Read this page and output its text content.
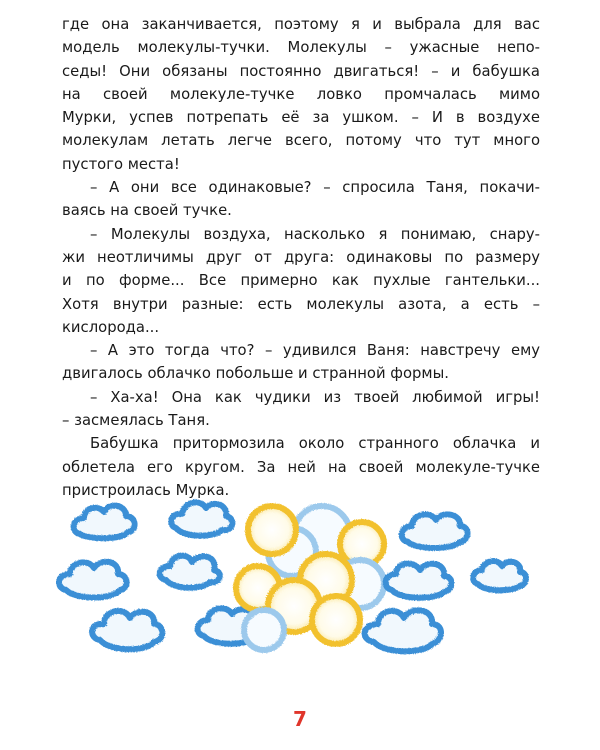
где она заканчивается, поэтому я и выбрала для вас
модель молекулы-тучки. Молекулы – ужасные непо-
седы! Они обязаны постоянно двигаться! – и бабушка
на своей молекуле-тучке ловко промчалась мимо
Мурки, успев потрепать её за ушком. – И в воздухе
молекулам летать легче всего, потому что тут много
пустого места!
– А они все одинаковые? – спросила Таня, покачи-
ваясь на своей тучке.
– Молекулы воздуха, насколько я понимаю, снару-
жи неотличимы друг от друга: одинаковы по размеру
и по форме... Все примерно как пухлые гантельки...
Хотя внутри разные: есть молекулы азота, а есть –
кислорода...
– А это тогда что? – удивился Ваня: навстречу ему
двигалось облачко побольше и странной формы.
– Ха-ха! Она как чудики из твоей любимой игры!
– засмеялась Таня.
Бабушка притормозила около странного облачка и
облетела его кругом. За ней на своей молекуле-тучке
пристроилась Мурка.
7
